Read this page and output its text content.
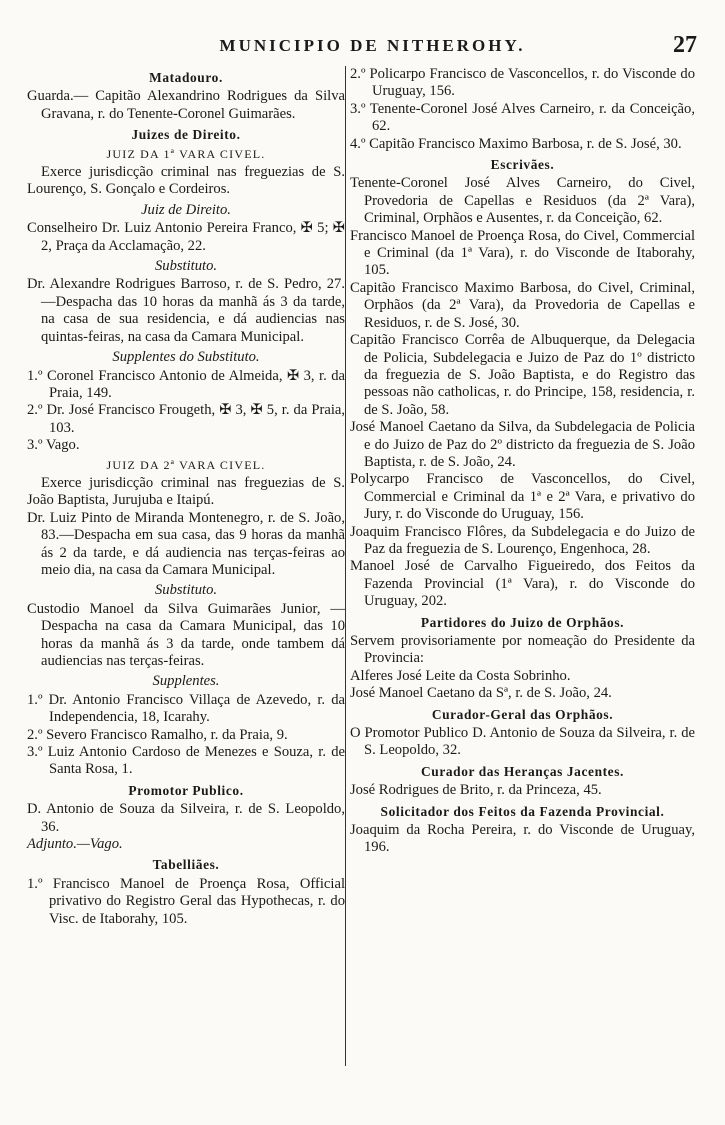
MUNICIPIO DE NITHEROHY.	27
Matadouro.
Guarda.— Capitão Alexandrino Rodrigues da Silva Gravana, r. do Tenente-Coronel Guimarães.
Juizes de Direito.
JUIZ DA 1ª VARA CIVEL.
Exerce jurisdicção criminal nas freguezias de S. Lourenço, S. Gonçalo e Cordeiros.
Juiz de Direito.
Conselheiro Dr. Luiz Antonio Pereira Franco, ✠ 5; ✠ 2, Praça da Acclamação, 22.
Substituto.
Dr. Alexandre Rodrigues Barroso, r. de S. Pedro, 27.—Despacha das 10 horas da manhã ás 3 da tarde, na casa de sua residencia, e dá audiencias nas quintas-feiras, na casa da Camara Municipal.
Supplentes do Substituto.
1.º Coronel Francisco Antonio de Almeida, ✠ 3, r. da Praia, 149.
2.º Dr. José Francisco Frougeth, ✠ 3, ✠ 5, r. da Praia, 103.
3.º Vago.
JUIZ DA 2ª VARA CIVEL.
Exerce jurisdicção criminal nas freguezias de S. João Baptista, Jurujuba e Itaipú.
Dr. Luiz Pinto de Miranda Montenegro, r. de S. João, 83.—Despacha em sua casa, das 9 horas da manhã ás 2 da tarde, e dá audiencia nas terças-feiras ao meio dia, na casa da Camara Municipal.
Substituto.
Custodio Manoel da Silva Guimarães Junior, — Despacha na casa da Camara Municipal, das 10 horas da manhã ás 3 da tarde, onde tambem dá audiencias nas terças-feiras.
Supplentes.
1.º Dr. Antonio Francisco Villaça de Azevedo, r. da Independencia, 18, Icarahy.
2.º Severo Francisco Ramalho, r. da Praia, 9.
3.º Luiz Antonio Cardoso de Menezes e Souza, r. de Santa Rosa, 1.
Promotor Publico.
D. Antonio de Souza da Silveira, r. de S. Leopoldo, 36.
Adjunto.—Vago.
Tabelliães.
1.º Francisco Manoel de Proença Rosa, Official privativo do Registro Geral das Hypothecas, r. do Visc. de Itaborahy, 105.
2.º Policarpo Francisco de Vasconcellos, r. do Visconde do Uruguay, 156.
3.º Tenente-Coronel José Alves Carneiro, r. da Conceição, 62.
4.º Capitão Francisco Maximo Barbosa, r. de S. José, 30.
Escrivães.
Tenente-Coronel José Alves Carneiro, do Civel, Provedoria de Capellas e Residuos (da 2ª Vara), Criminal, Orphãos e Ausentes, r. da Conceição, 62.
Francisco Manoel de Proença Rosa, do Civel, Commercial e Criminal (da 1ª Vara), r. do Visconde de Itaborahy, 105.
Capitão Francisco Maximo Barbosa, do Civel, Criminal, Orphãos (da 2ª Vara), da Provedoria de Capellas e Residuos, r. de S. José, 30.
Capitão Francisco Corrêa de Albuquerque, da Delegacia de Policia, Subdelegacia e Juizo de Paz do 1º districto da freguezia de S. João Baptista, e do Registro das pessoas não catholicas, r. do Principe, 158, residencia, r. de S. João, 58.
José Manoel Caetano da Silva, da Subdelegacia de Policia e do Juizo de Paz do 2º districto da freguezia de S. João Baptista, r. de S. João, 24.
Polycarpo Francisco de Vasconcellos, do Civel, Commercial e Criminal da 1ª e 2ª Vara, e privativo do Jury, r. do Visconde do Uruguay, 156.
Joaquim Francisco Flôres, da Subdelegacia e do Juizo de Paz da freguezia de S. Lourenço, Engenhoca, 28.
Manoel José de Carvalho Figueiredo, dos Feitos da Fazenda Provincial (1ª Vara), r. do Visconde do Uruguay, 202.
Partidores do Juizo de Orphãos.
Servem provisoriamente por nomeação do Presidente da Provincia:
Alferes José Leite da Costa Sobrinho.
José Manoel Caetano da Sª, r. de S. João, 24.
Curador-Geral das Orphãos.
O Promotor Publico D. Antonio de Souza da Silveira, r. de S. Leopoldo, 32.
Curador das Heranças Jacentes.
José Rodrigues de Brito, r. da Princeza, 45.
Solicitador dos Feitos da Fazenda Provincial.
Joaquim da Rocha Pereira, r. do Visconde de Uruguay, 196.
